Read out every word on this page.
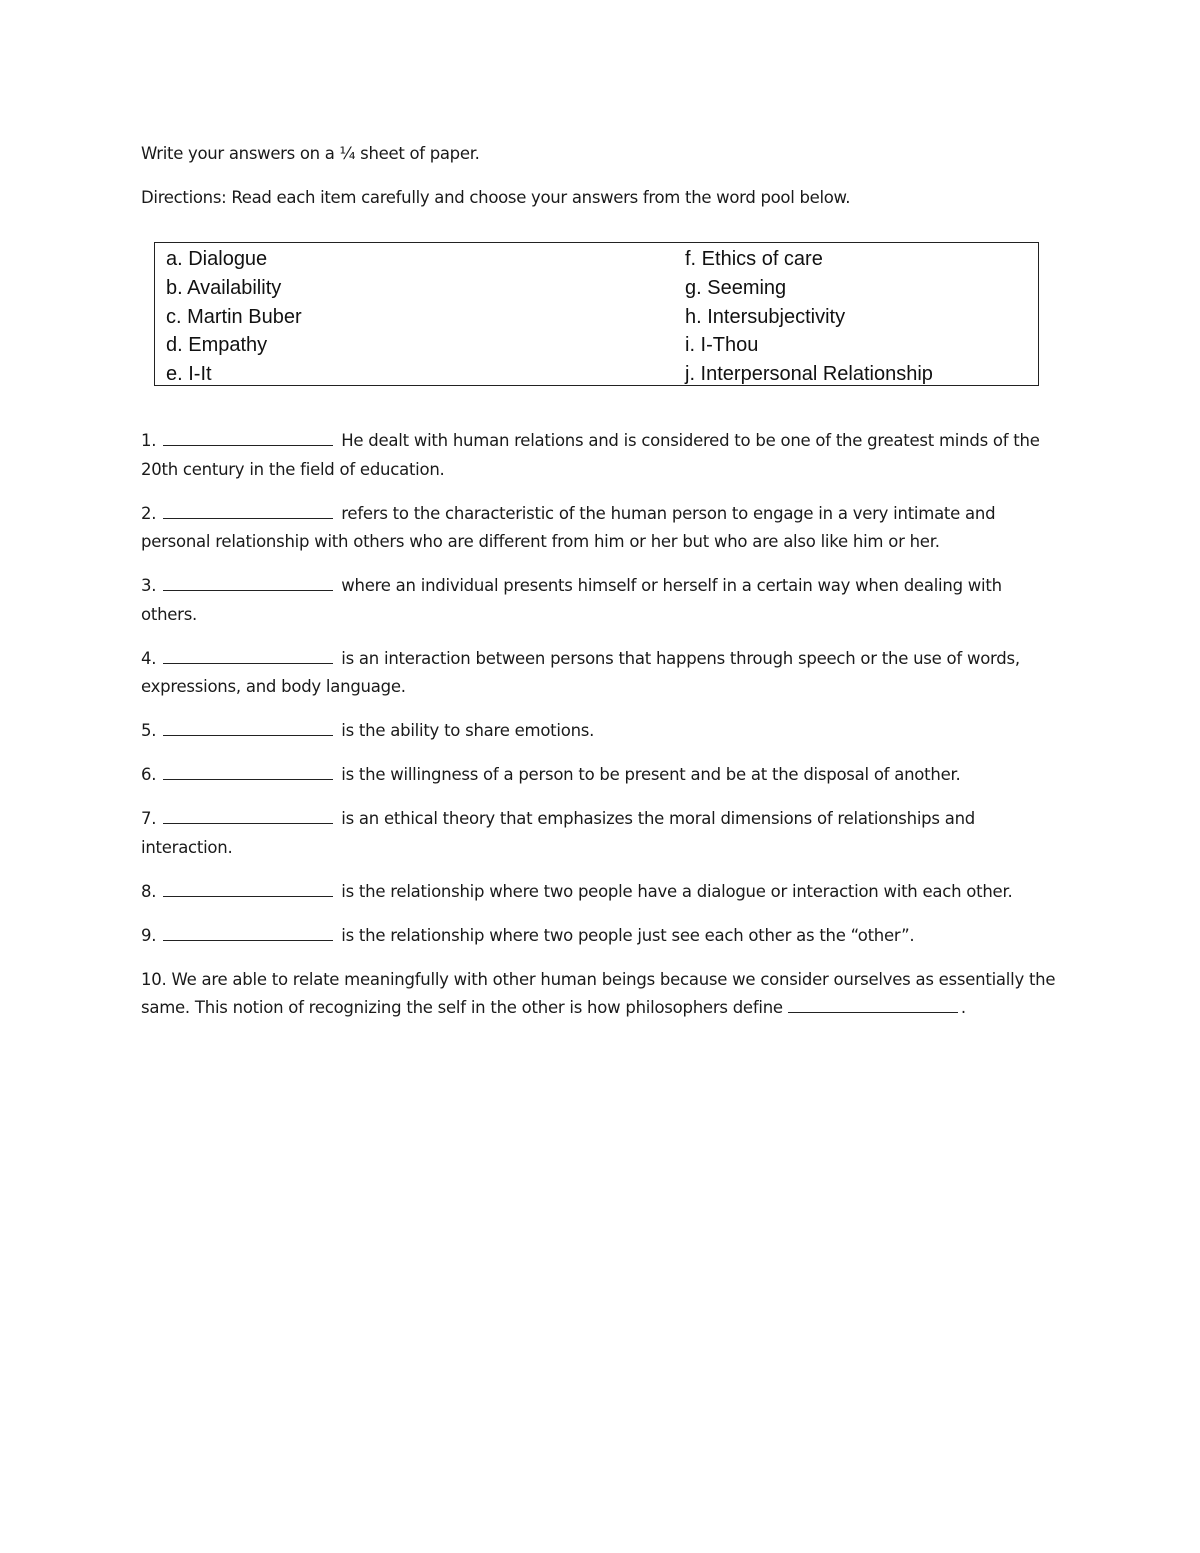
Write your answers on a ¼ sheet of paper.
Directions: Read each item carefully and choose your answers from the word pool below.
a. Dialogue
b. Availability
c. Martin Buber
d. Empathy
e. I-It
f. Ethics of care
g. Seeming
h. Intersubjectivity
i. I-Thou
j. Interpersonal Relationship

1.	He dealt with human relations and is considered to be one of the greatest minds of the 20th century in the field of education.

2.	refers to the characteristic of the human person to engage in a very intimate and personal relationship with others who are different from him or her but who are also like him or her.

3.	where an individual presents himself or herself in a certain way when dealing with others.

4.	is an interaction between persons that happens through speech or the use of words, expressions, and body language.

5.	is the ability to share emotions.

6.	is the willingness of a person to be present and be at the disposal of another.

7.	is an ethical theory that emphasizes the moral dimensions of relationships and interaction.

8.	is the relationship where two people have a dialogue or interaction with each other.

9.	is the relationship where two people just see each other as the “other”.

10. We are able to relate meaningfully with other human beings because we consider ourselves as essentially the same. This notion of recognizing the self in the other is how philosophers define	.
